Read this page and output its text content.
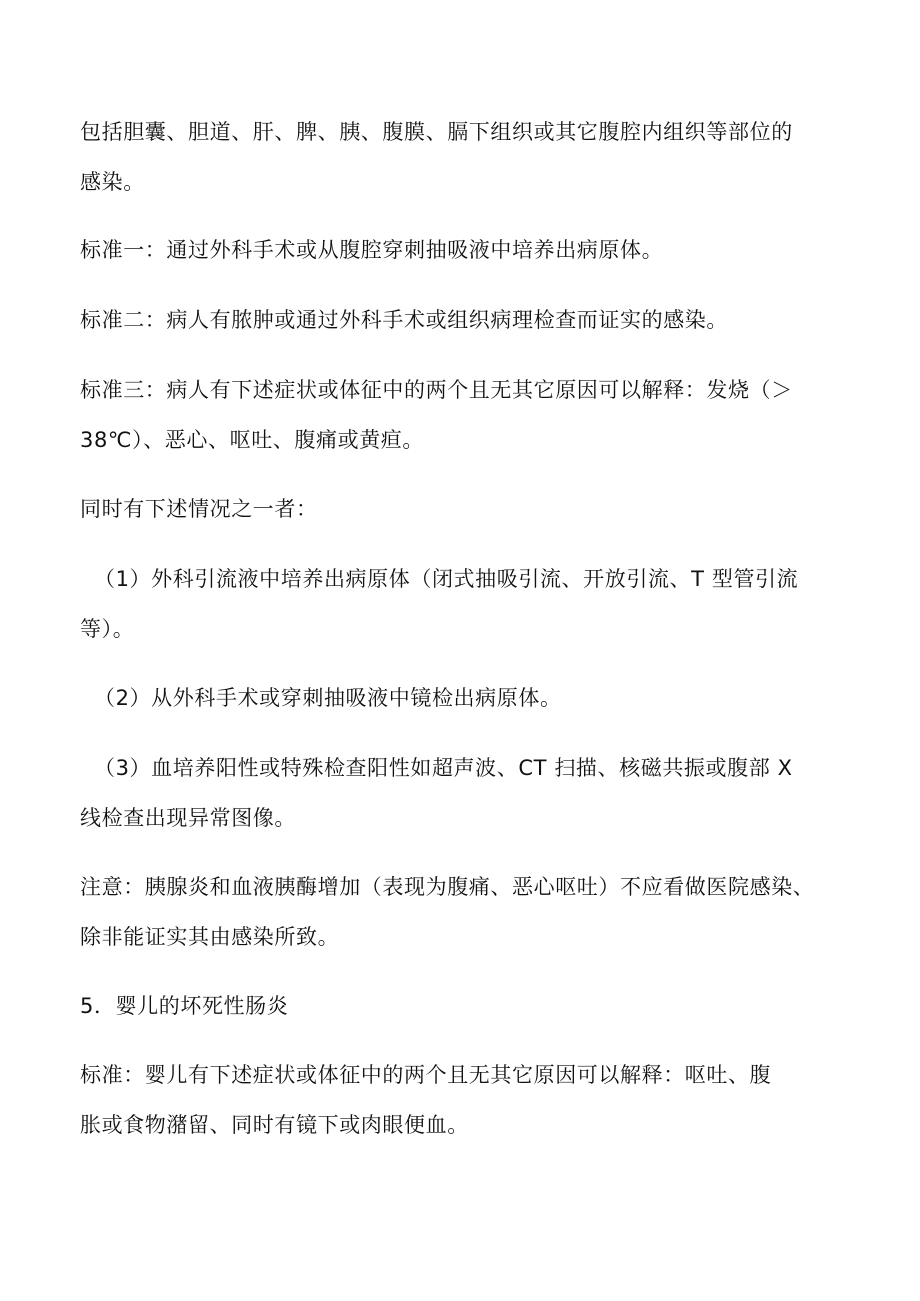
包括胆囊、胆道、肝、脾、胰、腹膜、膈下组织或其它腹腔内组织等部位的
感染。
标准一：通过外科手术或从腹腔穿刺抽吸液中培养出病原体。
标准二：病人有脓肿或通过外科手术或组织病理检查而证实的感染。
标准三：病人有下述症状或体征中的两个且无其它原因可以解释：发烧（＞
38℃）、恶心、呕吐、腹痛或黄疸。
同时有下述情况之一者：
（1）外科引流液中培养出病原体（闭式抽吸引流、开放引流、T 型管引流
等）。
（2）从外科手术或穿刺抽吸液中镜检出病原体。
（3）血培养阳性或特殊检查阳性如超声波、CT 扫描、核磁共振或腹部 X
线检查出现异常图像。
注意：胰腺炎和血液胰酶增加（表现为腹痛、恶心呕吐）不应看做医院感染、
除非能证实其由感染所致。
5．婴儿的坏死性肠炎
标准：婴儿有下述症状或体征中的两个且无其它原因可以解释：呕吐、腹
胀或食物潴留、同时有镜下或肉眼便血。
